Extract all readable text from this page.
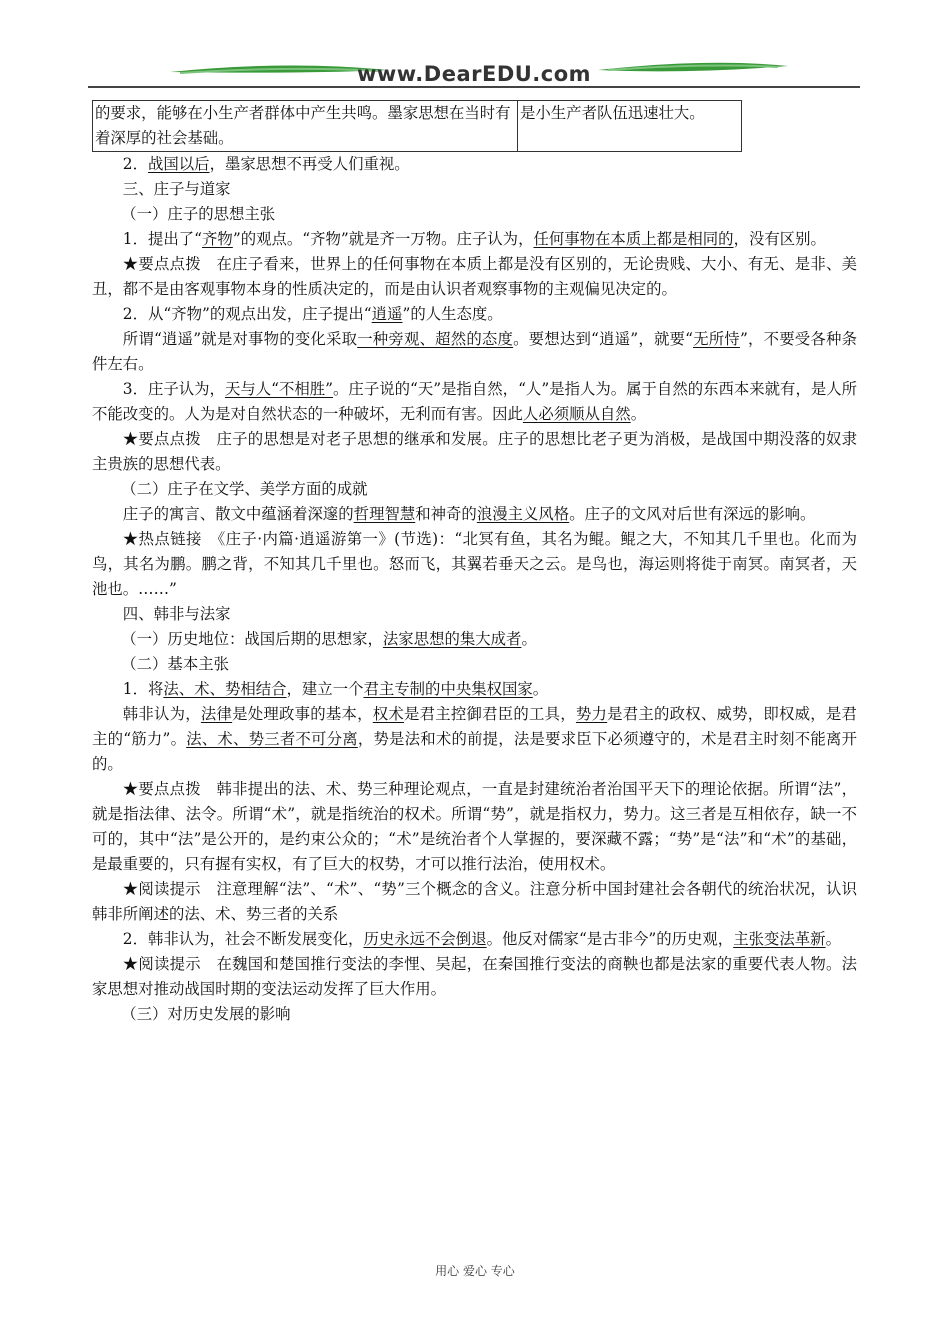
www.DearEDU.com
的要求，能够在小生产者群体中产生共鸣。墨家思想在当时有着深厚的社会基础。	是小生产者队伍迅速壮大。

2．战国以后，墨家思想不再受人们重视。

三、庄子与道家

（一）庄子的思想主张

1．提出了“齐物”的观点。“齐物”就是齐一万物。庄子认为，任何事物在本质上都是相同的，没有区别。

★要点点拨　在庄子看来，世界上的任何事物在本质上都是没有区别的，无论贵贱、大小、有无、是非、美丑，都不是由客观事物本身的性质决定的，而是由认识者观察事物的主观偏见决定的。

2．从“齐物”的观点出发，庄子提出“逍遥”的人生态度。

所谓“逍遥”就是对事物的变化采取一种旁观、超然的态度。要想达到“逍遥”，就要“无所恃”，不要受各种条件左右。

3．庄子认为，天与人“不相胜”。庄子说的“天”是指自然，“人”是指人为。属于自然的东西本来就有，是人所不能改变的。人为是对自然状态的一种破坏，无利而有害。因此人必须顺从自然。

★要点点拨　庄子的思想是对老子思想的继承和发展。庄子的思想比老子更为消极，是战国中期没落的奴隶主贵族的思想代表。

（二）庄子在文学、美学方面的成就

庄子的寓言、散文中蕴涵着深邃的哲理智慧和神奇的浪漫主义风格。庄子的文风对后世有深远的影响。

★热点链接　《庄子·内篇·逍遥游第一》(节选)：“北冥有鱼，其名为鲲。鲲之大，不知其几千里也。化而为鸟，其名为鹏。鹏之背，不知其几千里也。怒而飞，其翼若垂天之云。是鸟也，海运则将徙于南冥。南冥者，天池也。……”

四、韩非与法家

（一）历史地位：战国后期的思想家，法家思想的集大成者。

（二）基本主张

1．将法、术、势相结合，建立一个君主专制的中央集权国家。

韩非认为，法律是处理政事的基本，权术是君主控御君臣的工具，势力是君主的政权、威势，即权威，是君主的“筋力”。法、术、势三者不可分离，势是法和术的前提，法是要求臣下必须遵守的，术是君主时刻不能离开的。

★要点点拨　韩非提出的法、术、势三种理论观点，一直是封建统治者治国平天下的理论依据。所谓“法”，就是指法律、法令。所谓“术”，就是指统治的权术。所谓“势”，就是指权力，势力。这三者是互相依存，缺一不可的，其中“法”是公开的，是约束公众的；“术”是统治者个人掌握的，要深藏不露；“势”是“法”和“术”的基础，是最重要的，只有握有实权，有了巨大的权势，才可以推行法治，使用权术。

★阅读提示　注意理解“法”、“术”、“势”三个概念的含义。注意分析中国封建社会各朝代的统治状况，认识韩非所阐述的法、术、势三者的关系

2．韩非认为，社会不断发展变化，历史永远不会倒退。他反对儒家“是古非今”的历史观，主张变法革新。

★阅读提示　在魏国和楚国推行变法的李悝、吴起，在秦国推行变法的商鞅也都是法家的重要代表人物。法家思想对推动战国时期的变法运动发挥了巨大作用。

（三）对历史发展的影响

用心 爱心 专心
